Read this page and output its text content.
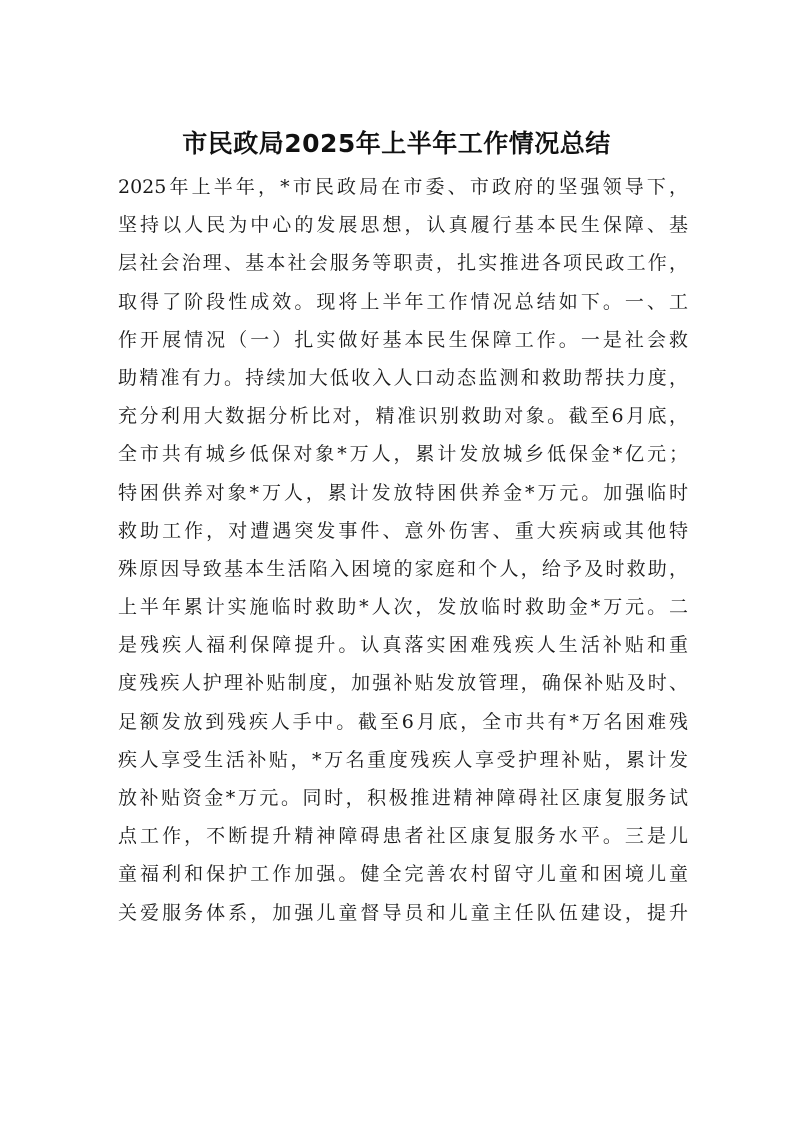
市民政局2025年上半年工作情况总结
2025年上半年，*市民政局在市委、市政府的坚强领导下，
坚持以人民为中心的发展思想，认真履行基本民生保障、基
层社会治理、基本社会服务等职责，扎实推进各项民政工作，
取得了阶段性成效。现将上半年工作情况总结如下。一、工
作开展情况（一）扎实做好基本民生保障工作。一是社会救
助精准有力。持续加大低收入人口动态监测和救助帮扶力度，
充分利用大数据分析比对，精准识别救助对象。截至6月底，
全市共有城乡低保对象*万人，累计发放城乡低保金*亿元；
特困供养对象*万人，累计发放特困供养金*万元。加强临时
救助工作，对遭遇突发事件、意外伤害、重大疾病或其他特
殊原因导致基本生活陷入困境的家庭和个人，给予及时救助，
上半年累计实施临时救助*人次，发放临时救助金*万元。二
是残疾人福利保障提升。认真落实困难残疾人生活补贴和重
度残疾人护理补贴制度，加强补贴发放管理，确保补贴及时、
足额发放到残疾人手中。截至6月底，全市共有*万名困难残
疾人享受生活补贴，*万名重度残疾人享受护理补贴，累计发
放补贴资金*万元。同时，积极推进精神障碍社区康复服务试
点工作，不断提升精神障碍患者社区康复服务水平。三是儿
童福利和保护工作加强。健全完善农村留守儿童和困境儿童
关爱服务体系，加强儿童督导员和儿童主任队伍建设，提升
